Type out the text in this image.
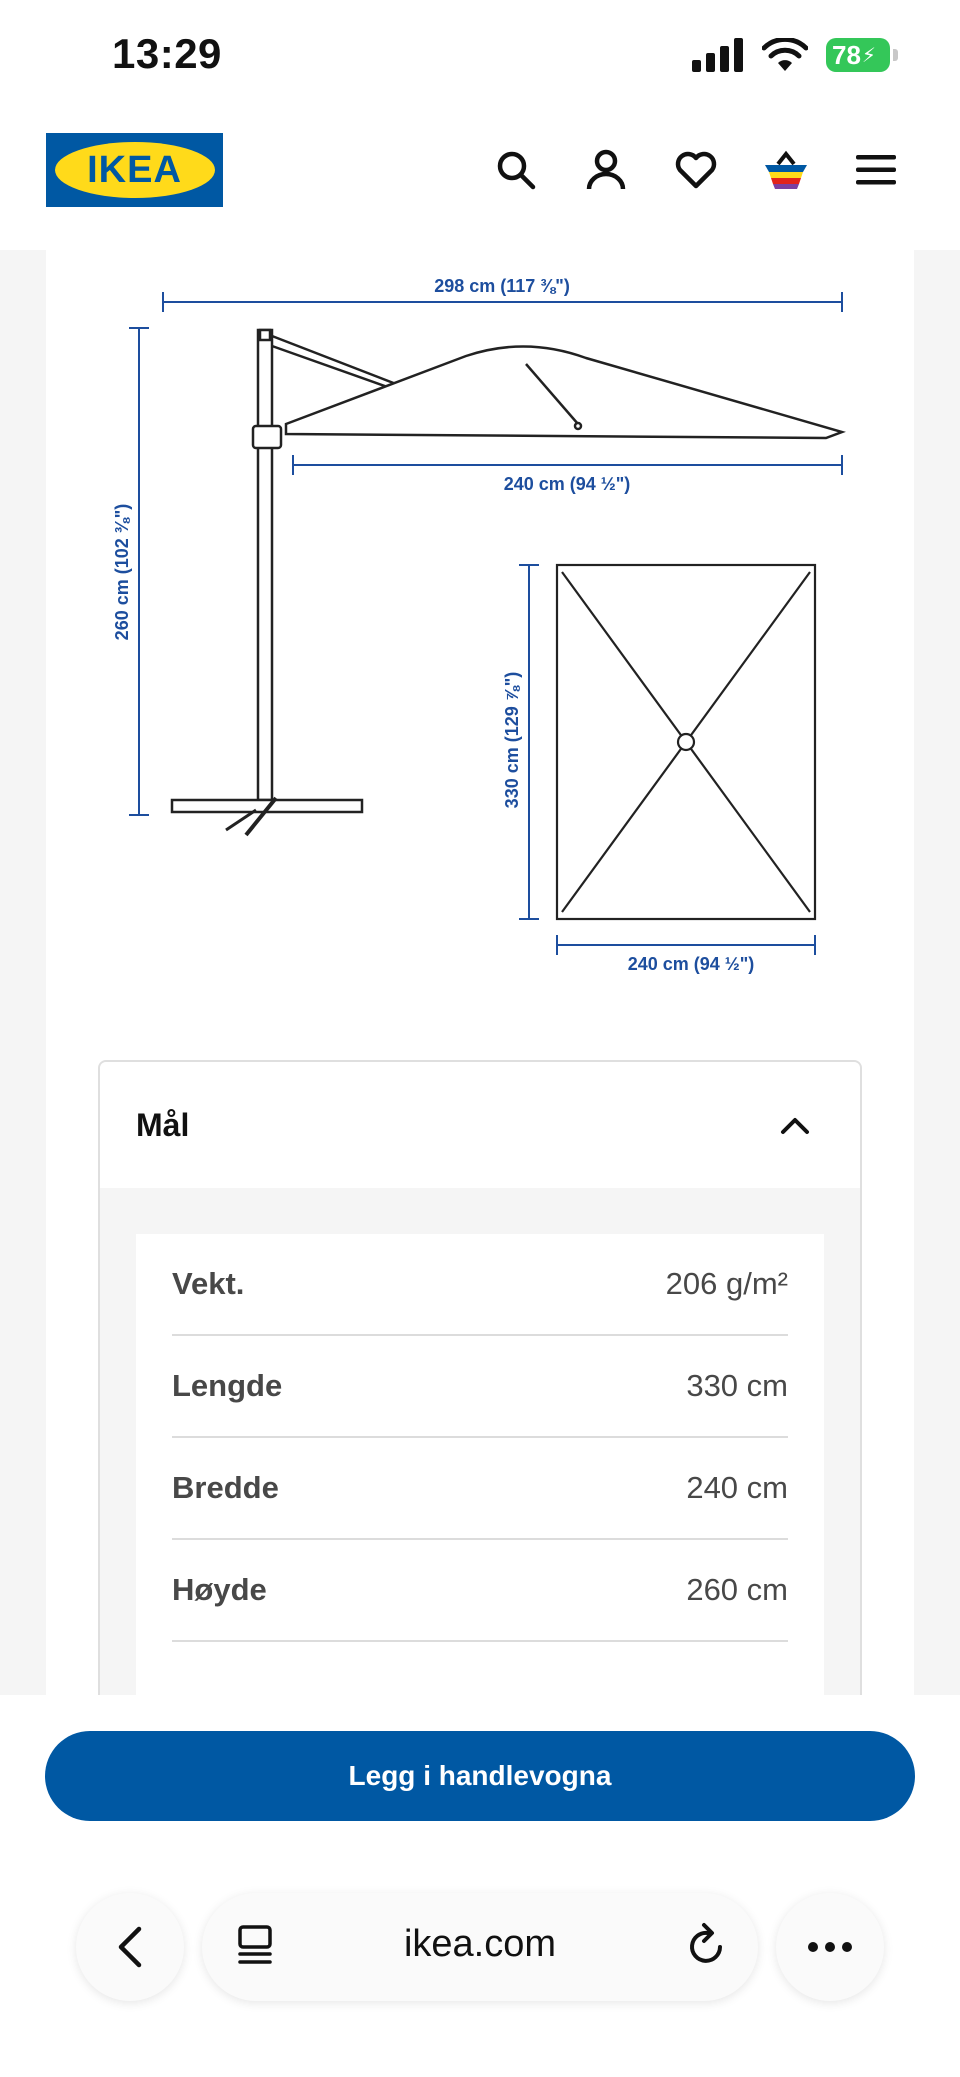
13:29	78 ⚡
IKEA
298 cm (117 ⅜")
260 cm (102 ⅜")
240 cm (94 ½")
330 cm (129 ⅞")
240 cm (94 ½")
Mål
Vekt.	206 g/m²
Lengde	330 cm
Bredde	240 cm
Høyde	260 cm
Legg i handlevogna
ikea.com
